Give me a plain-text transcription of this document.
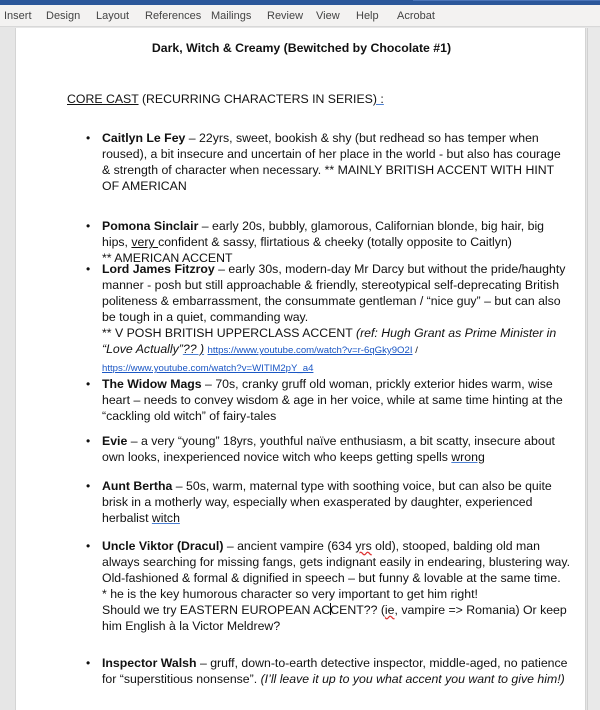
Insert Design Layout References Mailings Review View Help Acrobat
Dark, Witch & Creamy (Bewitched by Chocolate #1)
CORE CAST (RECURRING CHARACTERS IN SERIES) :
• Caitlyn Le Fey – 22yrs, sweet, bookish & shy (but redhead so has temper when roused), a bit insecure and uncertain of her place in the world - but also has courage & strength of character when necessary. ** MAINLY BRITISH ACCENT WITH HINT OF AMERICAN
• Pomona Sinclair – early 20s, bubbly, glamorous, Californian blonde, big hair, big hips, very confident & sassy, flirtatious & cheeky (totally opposite to Caitlyn)
** AMERICAN ACCENT
• Lord James Fitzroy – early 30s, modern-day Mr Darcy but without the pride/haughty manner - posh but still approachable & friendly, stereotypical self-deprecating British politeness & embarrassment, the consummate gentleman / “nice guy” – but can also be tough in a quiet, commanding way.
** V POSH BRITISH UPPERCLASS ACCENT (ref: Hugh Grant as Prime Minister in “Love Actually”?? ) https://www.youtube.com/watch?v=r-6qGky9O2I /
https://www.youtube.com/watch?v=WITIM2pY_a4
• The Widow Mags – 70s, cranky gruff old woman, prickly exterior hides warm, wise heart – needs to convey wisdom & age in her voice, while at same time hinting at the “cackling old witch” of fairy-tales
• Evie – a very “young” 18yrs, youthful naïve enthusiasm, a bit scatty, insecure about own looks, inexperienced novice witch who keeps getting spells wrong
• Aunt Bertha – 50s, warm, maternal type with soothing voice, but can also be quite brisk in a motherly way, especially when exasperated by daughter, experienced herbalist witch
• Uncle Viktor (Dracul) – ancient vampire (634 yrs old), stooped, balding old man always searching for missing fangs, gets indignant easily in endearing, blustering way. Old-fashioned & formal & dignified in speech – but funny & lovable at the same time.
* he is the key humorous character so very important to get him right!
Should we try EASTERN EUROPEAN ACCENT?? (ie, vampire => Romania) Or keep him English à la Victor Meldrew?
• Inspector Walsh – gruff, down-to-earth detective inspector, middle-aged, no patience for “superstitious nonsense”. (I’ll leave it up to you what accent you want to give him!)
